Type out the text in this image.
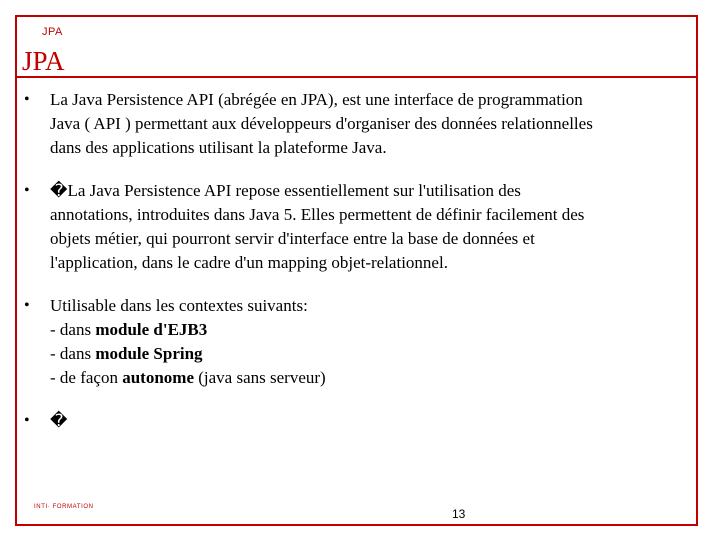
JPA
JPA
•	La Java Persistence API (abrégée en JPA), est une interface de programmation
Java ( API ) permettant aux développeurs d'organiser des données relationnelles
dans des applications utilisant la plateforme Java.
•	�La Java Persistence API repose essentiellement sur l'utilisation des
annotations, introduites dans Java 5. Elles permettent de définir facilement des
objets métier, qui pourront servir d'interface entre la base de données et
l'application, dans le cadre d'un mapping objet-relationnel.
•	Utilisable dans les contextes suivants:
- dans module d'EJB3
- dans module Spring
- de façon autonome (java sans serveur)
•	�
INTI· FORMATION	13
